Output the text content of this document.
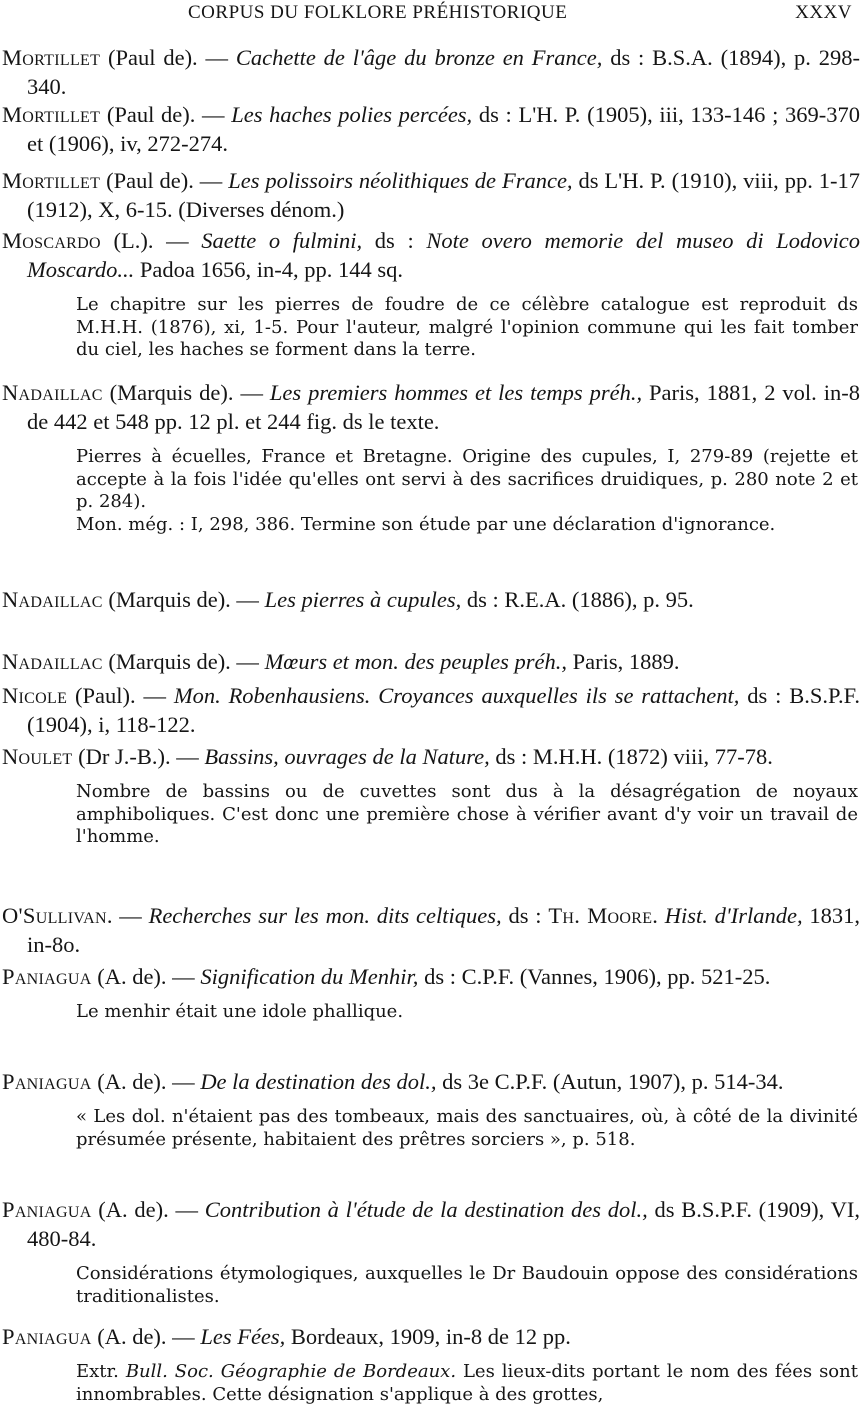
CORPUS DU FOLKLORE PRÉHISTORIQUE	XXXV

Mortillet (Paul de). — Cachette de l'âge du bronze en France, ds : B.S.A. (1894), p. 298-340.

Mortillet (Paul de). — Les haches polies percées, ds : L'H. P. (1905), iii, 133-146 ; 369-370 et (1906), iv, 272-274.

Mortillet (Paul de). — Les polissoirs néolithiques de France, ds L'H. P. (1910), viii, pp. 1-17 (1912), X, 6-15. (Diverses dénom.)

Moscardo (L.). — Saette o fulmini, ds : Note overo memorie del museo di Lodovico Moscardo... Padoa 1656, in-4, pp. 144 sq.

Le chapitre sur les pierres de foudre de ce célèbre catalogue est reproduit ds M.H.H. (1876), xi, 1-5. Pour l'auteur, malgré l'opinion commune qui les fait tomber du ciel, les haches se forment dans la terre.

Nadaillac (Marquis de). — Les premiers hommes et les temps préh., Paris, 1881, 2 vol. in-8 de 442 et 548 pp. 12 pl. et 244 fig. ds le texte.

Pierres à écuelles, France et Bretagne. Origine des cupules, I, 279-89 (rejette et accepte à la fois l'idée qu'elles ont servi à des sacrifices druidiques, p. 280 note 2 et p. 284).

Mon. még. : I, 298, 386. Termine son étude par une déclaration d'ignorance.

Nadaillac (Marquis de). — Les pierres à cupules, ds : R.E.A. (1886), p. 95.

Nadaillac (Marquis de). — Mœurs et mon. des peuples préh., Paris, 1889.

Nicole (Paul). — Mon. Robenhausiens. Croyances auxquelles ils se rattachent, ds : B.S.P.F. (1904), i, 118-122.

Noulet (Dr J.-B.). — Bassins, ouvrages de la Nature, ds : M.H.H. (1872) viii, 77-78.

Nombre de bassins ou de cuvettes sont dus à la désagrégation de noyaux amphiboliques. C'est donc une première chose à vérifier avant d'y voir un travail de l'homme.

O'Sullivan. — Recherches sur les mon. dits celtiques, ds : Th. Moore. Hist. d'Irlande, 1831, in-8o.

Paniagua (A. de). — Signification du Menhir, ds : C.P.F. (Vannes, 1906), pp. 521-25.

Le menhir était une idole phallique.

Paniagua (A. de). — De la destination des dol., ds 3e C.P.F. (Autun, 1907), p. 514-34.

« Les dol. n'étaient pas des tombeaux, mais des sanctuaires, où, à côté de la divinité présumée présente, habitaient des prêtres sorciers », p. 518.

Paniagua (A. de). — Contribution à l'étude de la destination des dol., ds B.S.P.F. (1909), VI, 480-84.

Considérations étymologiques, auxquelles le Dr Baudouin oppose des considérations traditionalistes.

Paniagua (A. de). — Les Fées, Bordeaux, 1909, in-8 de 12 pp.

Extr. Bull. Soc. Géographie de Bordeaux. Les lieux-dits portant le nom des fées sont innombrables. Cette désignation s'applique à des grottes,
